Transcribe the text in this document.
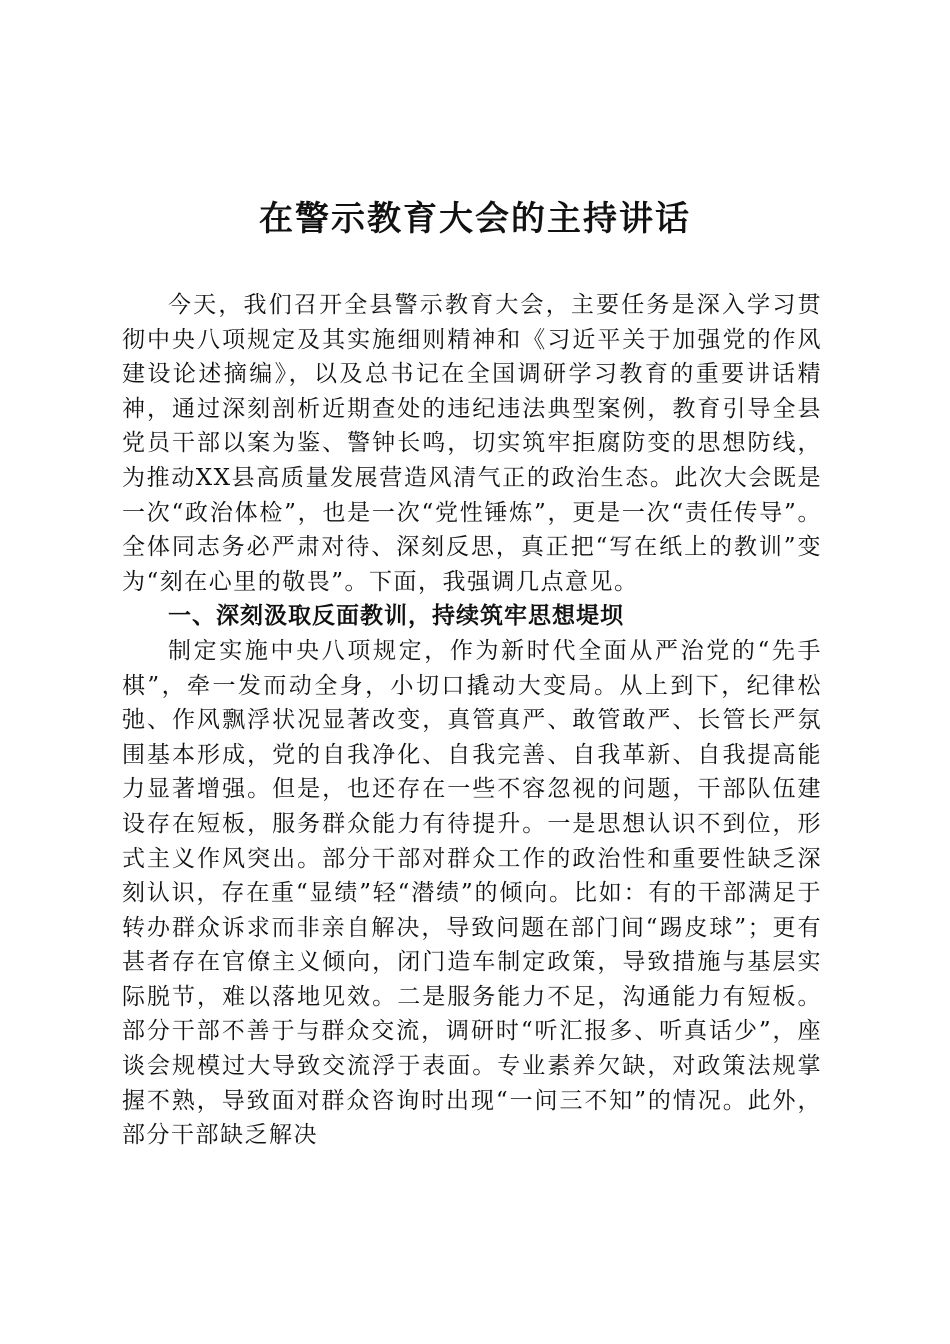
在警示教育大会的主持讲话

今天，我们召开全县警示教育大会，主要任务是深入学习贯彻中央八项规定及其实施细则精神和《习近平关于加强党的作风建设论述摘编》，以及总书记在全国调研学习教育的重要讲话精神，通过深刻剖析近期查处的违纪违法典型案例，教育引导全县党员干部以案为鉴、警钟长鸣，切实筑牢拒腐防变的思想防线，为推动XX县高质量发展营造风清气正的政治生态。此次大会既是一次“政治体检”，也是一次“党性锤炼”，更是一次“责任传导”。全体同志务必严肃对待、深刻反思，真正把“写在纸上的教训”变为“刻在心里的敬畏”。下面，我强调几点意见。

一、深刻汲取反面教训，持续筑牢思想堤坝

制定实施中央八项规定，作为新时代全面从严治党的“先手棋”，牵一发而动全身，小切口撬动大变局。从上到下，纪律松弛、作风飘浮状况显著改变，真管真严、敢管敢严、长管长严氛围基本形成，党的自我净化、自我完善、自我革新、自我提高能力显著增强。但是，也还存在一些不容忽视的问题，干部队伍建设存在短板，服务群众能力有待提升。一是思想认识不到位，形式主义作风突出。部分干部对群众工作的政治性和重要性缺乏深刻认识，存在重“显绩”轻“潜绩”的倾向。比如：有的干部满足于转办群众诉求而非亲自解决，导致问题在部门间“踢皮球”；更有甚者存在官僚主义倾向，闭门造车制定政策，导致措施与基层实际脱节，难以落地见效。二是服务能力不足，沟通能力有短板。部分干部不善于与群众交流，调研时“听汇报多、听真话少”，座谈会规模过大导致交流浮于表面。专业素养欠缺，对政策法规掌握不熟，导致面对群众咨询时出现“一问三不知”的情况。此外，部分干部缺乏解决
